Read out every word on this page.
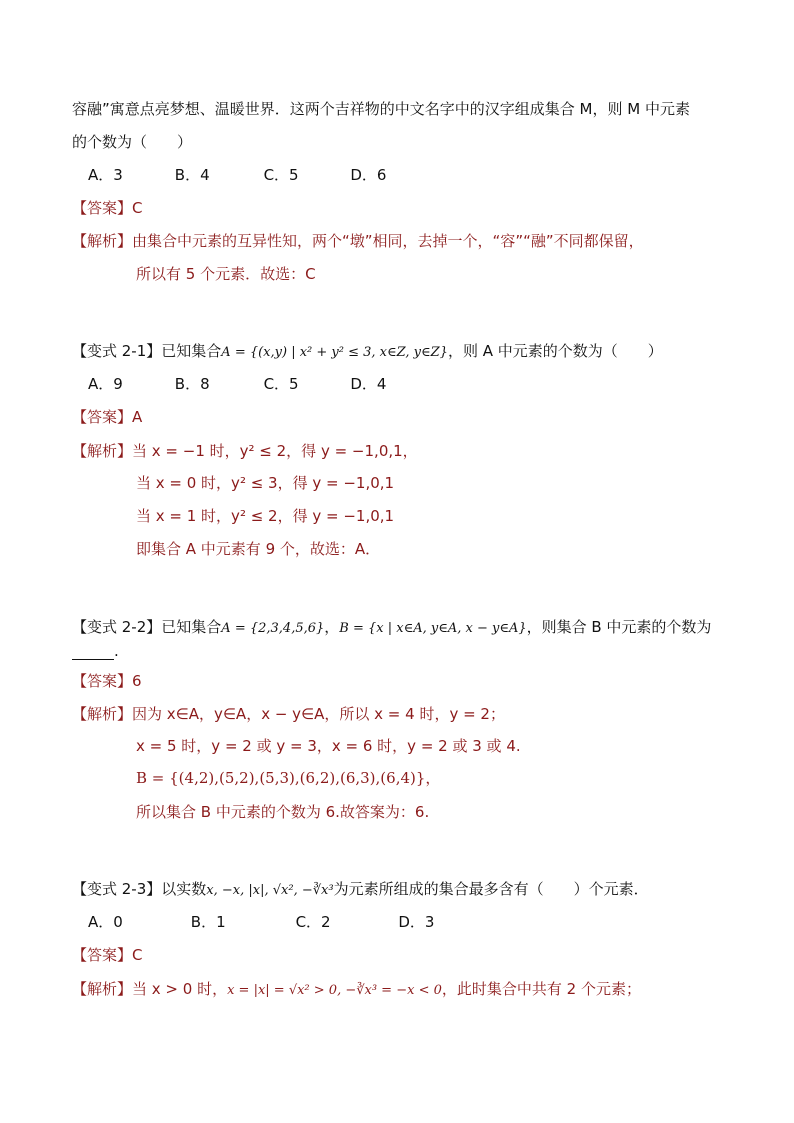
容融”寓意点亮梦想、温暖世界．这两个吉祥物的中文名字中的汉字组成集合 M，则 M 中元素
的个数为（　　）
A．3	B．4	C．5	D．6
【答案】C
【解析】由集合中元素的互异性知，两个“墩”相同，去掉一个，“容”“融”不同都保留，
所以有 5 个元素．故选：C
【变式 2-1】已知集合A = {(x,y) | x² + y² ≤ 3, x∈Z, y∈Z}，则 A 中元素的个数为（　　）
A．9	B．8	C．5	D．4
【答案】A
【解析】当 x = −1 时，y² ≤ 2，得 y = −1,0,1，
当 x = 0 时，y² ≤ 3，得 y = −1,0,1
当 x = 1 时，y² ≤ 2，得 y = −1,0,1
即集合 A 中元素有 9 个，故选：A．
【变式 2-2】已知集合A = {2,3,4,5,6}，B = {x | x∈A, y∈A, x − y∈A}，则集合 B 中元素的个数为
.
【答案】6
【解析】因为 x∈A，y∈A，x − y∈A，所以 x = 4 时，y = 2；
x = 5 时，y = 2 或 y = 3，x = 6 时，y = 2 或 3 或 4.
B = {(4,2),(5,2),(5,3),(6,2),(6,3),(6,4)}，
所以集合 B 中元素的个数为 6.故答案为：6.
【变式 2-3】以实数x, −x, |x|, √x², −∛x³为元素所组成的集合最多含有（　　）个元素．
A．0	B．1	C．2	D．3
【答案】C
【解析】当 x > 0 时，x = |x| = √x² > 0, −∛x³ = −x < 0，此时集合中共有 2 个元素；
